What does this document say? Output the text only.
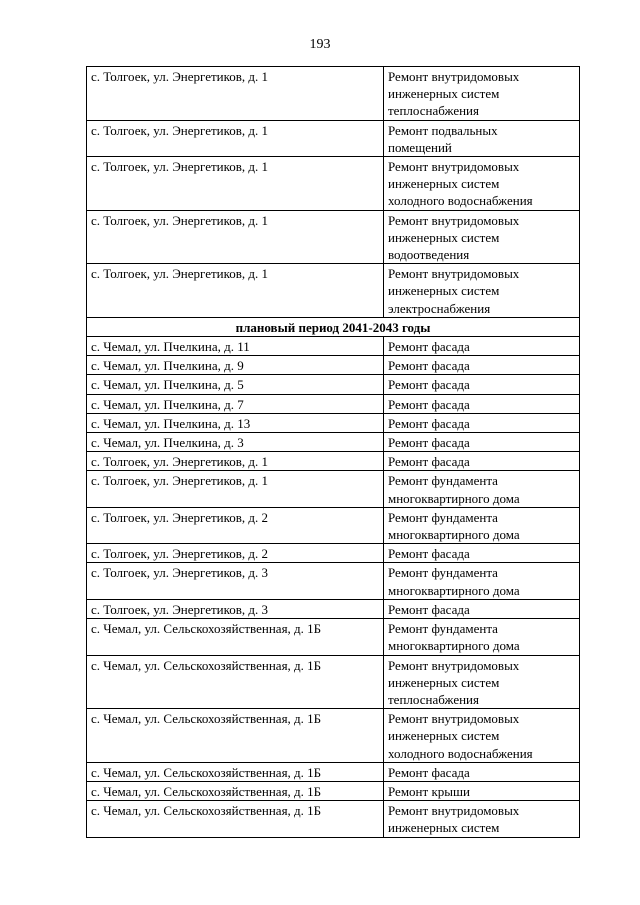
193
с. Толгоек, ул. Энергетиков, д. 1	Ремонт внутридомовых
инженерных систем
теплоснабжения

с. Толгоек, ул. Энергетиков, д. 1	Ремонт подвальных
помещений

с. Толгоек, ул. Энергетиков, д. 1	Ремонт внутридомовых
инженерных систем
холодного водоснабжения

с. Толгоек, ул. Энергетиков, д. 1	Ремонт внутридомовых
инженерных систем
водоотведения

с. Толгоек, ул. Энергетиков, д. 1	Ремонт внутридомовых
инженерных систем
электроснабжения

плановый период 2041-2043 годы	
с. Чемал, ул. Пчелкина, д. 11	Ремонт фасада

с. Чемал, ул. Пчелкина, д. 9	Ремонт фасада

с. Чемал, ул. Пчелкина, д. 5	Ремонт фасада

с. Чемал, ул. Пчелкина, д. 7	Ремонт фасада

с. Чемал, ул. Пчелкина, д. 13	Ремонт фасада

с. Чемал, ул. Пчелкина, д. 3	Ремонт фасада

с. Толгоек, ул. Энергетиков, д. 1	Ремонт фасада

с. Толгоек, ул. Энергетиков, д. 1	Ремонт фундамента
многоквартирного дома

с. Толгоек, ул. Энергетиков, д. 2	Ремонт фундамента
многоквартирного дома

с. Толгоек, ул. Энергетиков, д. 2	Ремонт фасада

с. Толгоек, ул. Энергетиков, д. 3	Ремонт фундамента
многоквартирного дома

с. Толгоек, ул. Энергетиков, д. 3	Ремонт фасада

с. Чемал, ул. Сельскохозяйственная, д. 1Б	Ремонт фундамента
многоквартирного дома

с. Чемал, ул. Сельскохозяйственная, д. 1Б	Ремонт внутридомовых
инженерных систем
теплоснабжения

с. Чемал, ул. Сельскохозяйственная, д. 1Б	Ремонт внутридомовых
инженерных систем
холодного водоснабжения

с. Чемал, ул. Сельскохозяйственная, д. 1Б	Ремонт фасада

с. Чемал, ул. Сельскохозяйственная, д. 1Б	Ремонт крыши

с. Чемал, ул. Сельскохозяйственная, д. 1Б	Ремонт внутридомовых
инженерных систем
